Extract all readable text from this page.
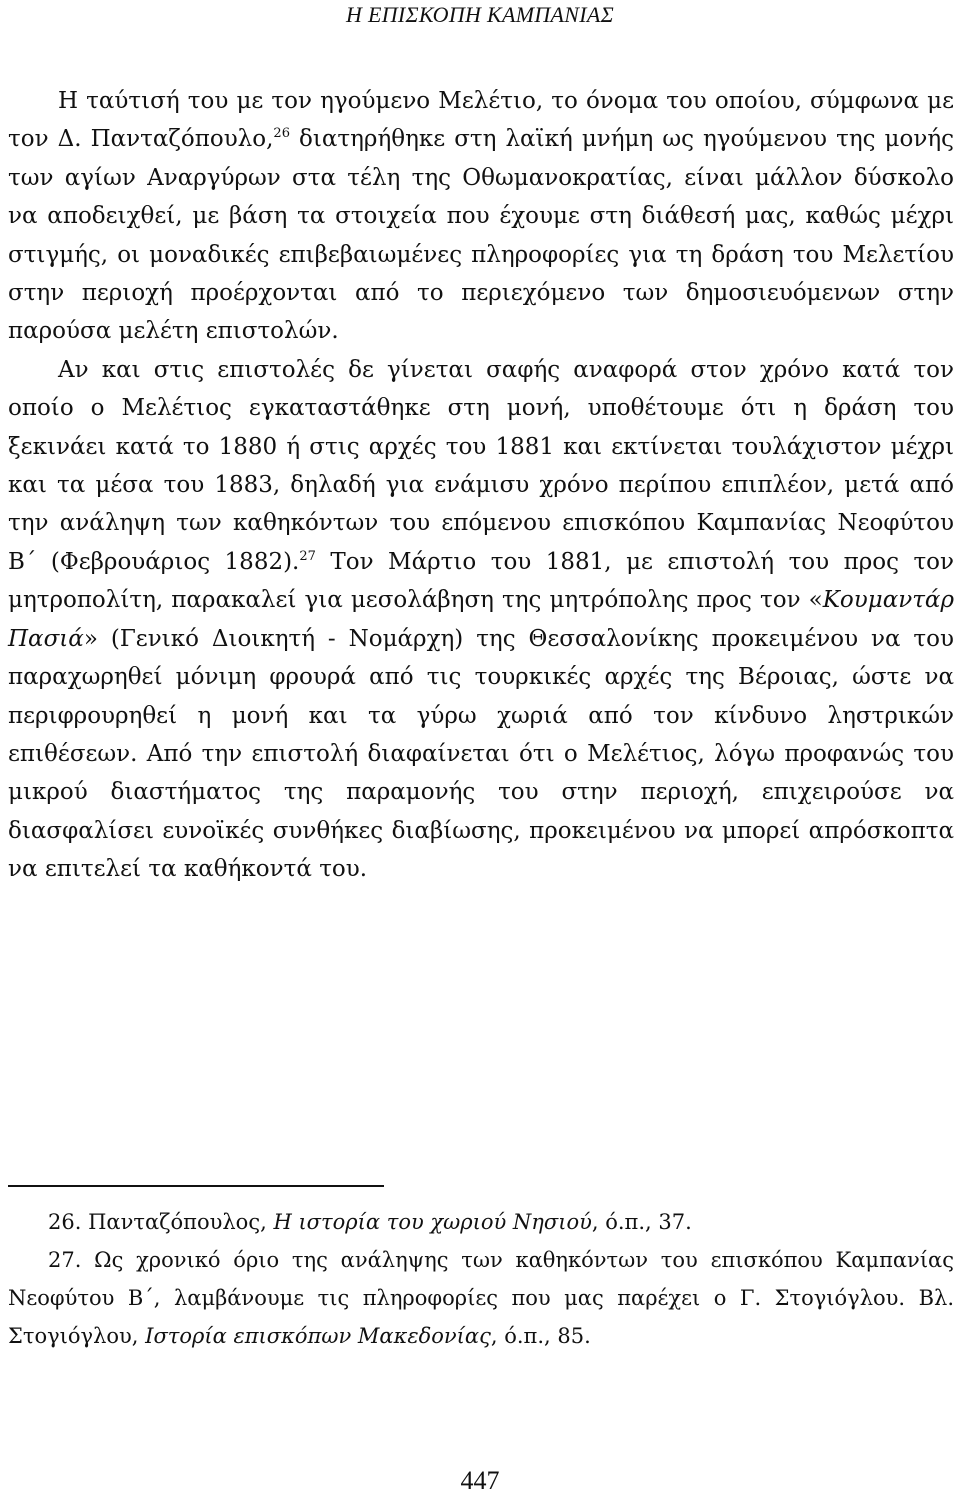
Η ΕΠΙΣΚΟΠΗ ΚΑΜΠΑΝΙΑΣ

Η ταύτισή του με τον ηγούμενο Μελέτιο, το όνομα του οποίου, σύμφωνα με τον Δ. Πανταζόπουλο,$^{26}$ διατηρήθηκε στη λαϊκή μνήμη ως ηγούμενου της μονής των αγίων Αναργύρων στα τέλη της Οθωμανοκρατίας, είναι μάλλον δύσκολο να αποδειχθεί, με βάση τα στοιχεία που έχουμε στη διάθεσή μας, καθώς μέχρι στιγμής, οι μοναδικές επιβεβαιωμένες πληροφορίες για τη δράση του Μελετίου στην περιοχή προέρχονται από το περιεχόμενο των δημοσιευόμενων στην παρούσα μελέτη επιστολών.

Αν και στις επιστολές δε γίνεται σαφής αναφορά στον χρόνο κατά τον οποίο ο Μελέτιος εγκαταστάθηκε στη μονή, υποθέτουμε ότι η δράση του ξεκινάει κατά το 1880 ή στις αρχές του 1881 και εκτίνεται τουλάχιστον μέχρι και τα μέσα του 1883, δηλαδή για ενάμισυ χρόνο περίπου επιπλέον, μετά από την ανάληψη των καθηκόντων του επόμενου επισκόπου Καμπανίας Νεοφύτου Β΄ (Φεβρουάριος 1882).$^{27}$ Τον Μάρτιο του 1881, με επιστολή του προς τον μητροπολίτη, παρακαλεί για μεσολάβηση της μητρόπολης προς τον «Κουμαντάρ Πασιά» (Γενικό Διοικητή - Νομάρχη) της Θεσσαλονίκης προκειμένου να του παραχωρηθεί μόνιμη φρουρά από τις τουρκικές αρχές της Βέροιας, ώστε να περιφρουρηθεί η μονή και τα γύρω χωριά από τον κίνδυνο ληστρικών επιθέσεων. Από την επιστολή διαφαίνεται ότι ο Μελέτιος, λόγω προφανώς του μικρού διαστήματος της παραμονής του στην περιοχή, επιχειρούσε να διασφαλίσει ευνοϊκές συνθήκες διαβίωσης, προκειμένου να μπορεί απρόσκοπτα να επιτελεί τα καθήκοντά του.

26. Πανταζόπουλος, Η ιστορία του χωριού Νησιού, ό.π., 37.

27. Ως χρονικό όριο της ανάληψης των καθηκόντων του επισκόπου Καμπανίας Νεοφύτου Β΄, λαμβάνουμε τις πληροφορίες που μας παρέχει ο Γ. Στογιόγλου. Βλ. Στογιόγλου, Ιστορία επισκόπων Μακεδονίας, ό.π., 85.

447
